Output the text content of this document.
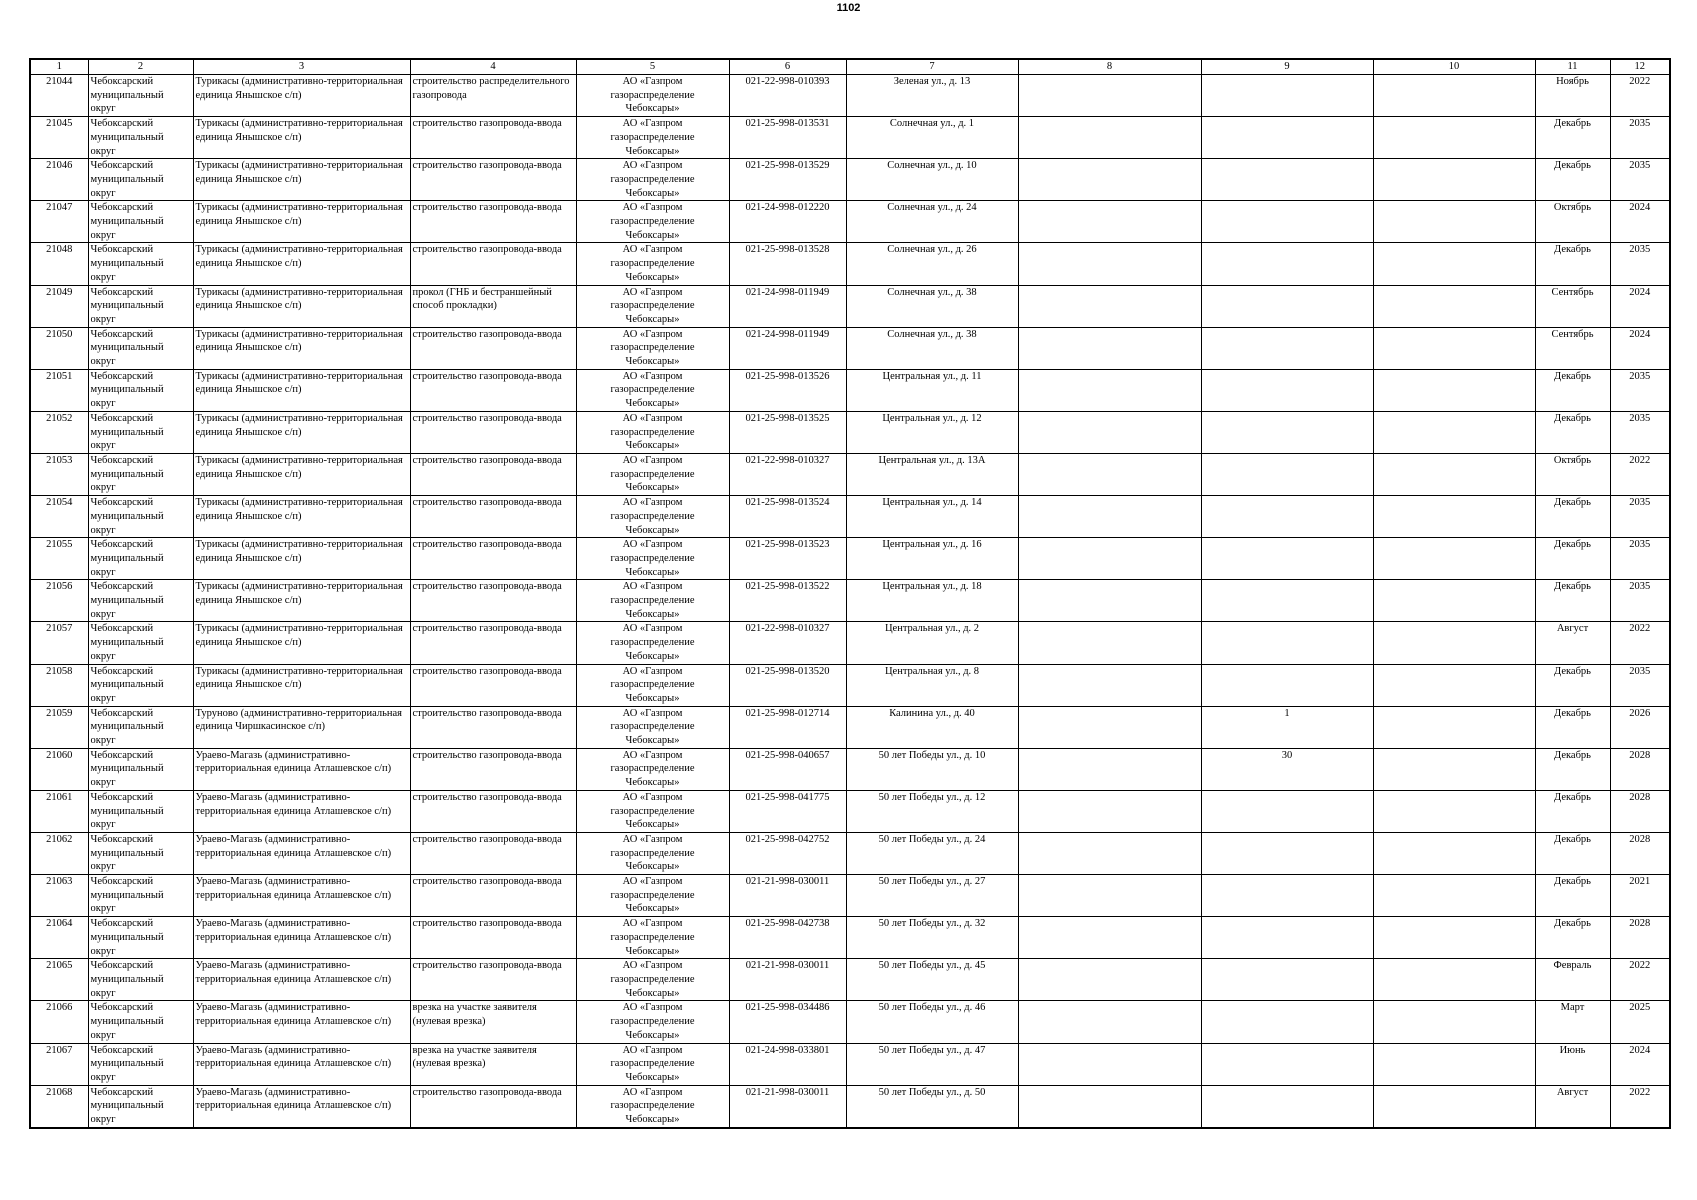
1102
1	2	3	4	5	6	7	8	9	10	11	12
21044	Чебоксарский муниципальный округ	Турикасы (административно-территориальная единица Янышское с/п)	строительство распределительного газопровода	АО «Газпром
газораспределение
Чебоксары»	021-22-998-010393	Зеленая ул., д. 13				Ноябрь	2022
21045	Чебоксарский муниципальный округ	Турикасы (административно-территориальная единица Янышское с/п)	строительство газопровода-ввода	АО «Газпром
газораспределение
Чебоксары»	021-25-998-013531	Солнечная ул., д. 1				Декабрь	2035
21046	Чебоксарский муниципальный округ	Турикасы (административно-территориальная единица Янышское с/п)	строительство газопровода-ввода	АО «Газпром
газораспределение
Чебоксары»	021-25-998-013529	Солнечная ул., д. 10				Декабрь	2035
21047	Чебоксарский муниципальный округ	Турикасы (административно-территориальная единица Янышское с/п)	строительство газопровода-ввода	АО «Газпром
газораспределение
Чебоксары»	021-24-998-012220	Солнечная ул., д. 24				Октябрь	2024
21048	Чебоксарский муниципальный округ	Турикасы (административно-территориальная единица Янышское с/п)	строительство газопровода-ввода	АО «Газпром
газораспределение
Чебоксары»	021-25-998-013528	Солнечная ул., д. 26				Декабрь	2035
21049	Чебоксарский муниципальный округ	Турикасы (административно-территориальная единица Янышское с/п)	прокол (ГНБ и бестраншейный способ прокладки)	АО «Газпром
газораспределение
Чебоксары»	021-24-998-011949	Солнечная ул., д. 38				Сентябрь	2024
21050	Чебоксарский муниципальный округ	Турикасы (административно-территориальная единица Янышское с/п)	строительство газопровода-ввода	АО «Газпром
газораспределение
Чебоксары»	021-24-998-011949	Солнечная ул., д. 38				Сентябрь	2024
21051	Чебоксарский муниципальный округ	Турикасы (административно-территориальная единица Янышское с/п)	строительство газопровода-ввода	АО «Газпром
газораспределение
Чебоксары»	021-25-998-013526	Центральная ул., д. 11				Декабрь	2035
21052	Чебоксарский муниципальный округ	Турикасы (административно-территориальная единица Янышское с/п)	строительство газопровода-ввода	АО «Газпром
газораспределение
Чебоксары»	021-25-998-013525	Центральная ул., д. 12				Декабрь	2035
21053	Чебоксарский муниципальный округ	Турикасы (административно-территориальная единица Янышское с/п)	строительство газопровода-ввода	АО «Газпром
газораспределение
Чебоксары»	021-22-998-010327	Центральная ул., д. 13А				Октябрь	2022
21054	Чебоксарский муниципальный округ	Турикасы (административно-территориальная единица Янышское с/п)	строительство газопровода-ввода	АО «Газпром
газораспределение
Чебоксары»	021-25-998-013524	Центральная ул., д. 14				Декабрь	2035
21055	Чебоксарский муниципальный округ	Турикасы (административно-территориальная единица Янышское с/п)	строительство газопровода-ввода	АО «Газпром
газораспределение
Чебоксары»	021-25-998-013523	Центральная ул., д. 16				Декабрь	2035
21056	Чебоксарский муниципальный округ	Турикасы (административно-территориальная единица Янышское с/п)	строительство газопровода-ввода	АО «Газпром
газораспределение
Чебоксары»	021-25-998-013522	Центральная ул., д. 18				Декабрь	2035
21057	Чебоксарский муниципальный округ	Турикасы (административно-территориальная единица Янышское с/п)	строительство газопровода-ввода	АО «Газпром
газораспределение
Чебоксары»	021-22-998-010327	Центральная ул., д. 2				Август	2022
21058	Чебоксарский муниципальный округ	Турикасы (административно-территориальная единица Янышское с/п)	строительство газопровода-ввода	АО «Газпром
газораспределение
Чебоксары»	021-25-998-013520	Центральная ул., д. 8				Декабрь	2035
21059	Чебоксарский муниципальный округ	Туруново (административно-территориальная единица Чиршкасинское с/п)	строительство газопровода-ввода	АО «Газпром
газораспределение
Чебоксары»	021-25-998-012714	Калинина ул., д. 40		1		Декабрь	2026
21060	Чебоксарский муниципальный округ	Ураево-Магазь (административно-территориальная единица Атлашевское с/п)	строительство газопровода-ввода	АО «Газпром
газораспределение
Чебоксары»	021-25-998-040657	50 лет Победы ул., д. 10		30		Декабрь	2028
21061	Чебоксарский муниципальный округ	Ураево-Магазь (административно-территориальная единица Атлашевское с/п)	строительство газопровода-ввода	АО «Газпром
газораспределение
Чебоксары»	021-25-998-041775	50 лет Победы ул., д. 12				Декабрь	2028
21062	Чебоксарский муниципальный округ	Ураево-Магазь (административно-территориальная единица Атлашевское с/п)	строительство газопровода-ввода	АО «Газпром
газораспределение
Чебоксары»	021-25-998-042752	50 лет Победы ул., д. 24				Декабрь	2028
21063	Чебоксарский муниципальный округ	Ураево-Магазь (административно-территориальная единица Атлашевское с/п)	строительство газопровода-ввода	АО «Газпром
газораспределение
Чебоксары»	021-21-998-030011	50 лет Победы ул., д. 27				Декабрь	2021
21064	Чебоксарский муниципальный округ	Ураево-Магазь (административно-территориальная единица Атлашевское с/п)	строительство газопровода-ввода	АО «Газпром
газораспределение
Чебоксары»	021-25-998-042738	50 лет Победы ул., д. 32				Декабрь	2028
21065	Чебоксарский муниципальный округ	Ураево-Магазь (административно-территориальная единица Атлашевское с/п)	строительство газопровода-ввода	АО «Газпром
газораспределение
Чебоксары»	021-21-998-030011	50 лет Победы ул., д. 45				Февраль	2022
21066	Чебоксарский муниципальный округ	Ураево-Магазь (административно-территориальная единица Атлашевское с/п)	врезка на участке заявителя (нулевая врезка)	АО «Газпром
газораспределение
Чебоксары»	021-25-998-034486	50 лет Победы ул., д. 46				Март	2025
21067	Чебоксарский муниципальный округ	Ураево-Магазь (административно-территориальная единица Атлашевское с/п)	врезка на участке заявителя (нулевая врезка)	АО «Газпром
газораспределение
Чебоксары»	021-24-998-033801	50 лет Победы ул., д. 47				Июнь	2024
21068	Чебоксарский муниципальный округ	Ураево-Магазь (административно-территориальная единица Атлашевское с/п)	строительство газопровода-ввода	АО «Газпром
газораспределение
Чебоксары»	021-21-998-030011	50 лет Победы ул., д. 50				Август	2022
